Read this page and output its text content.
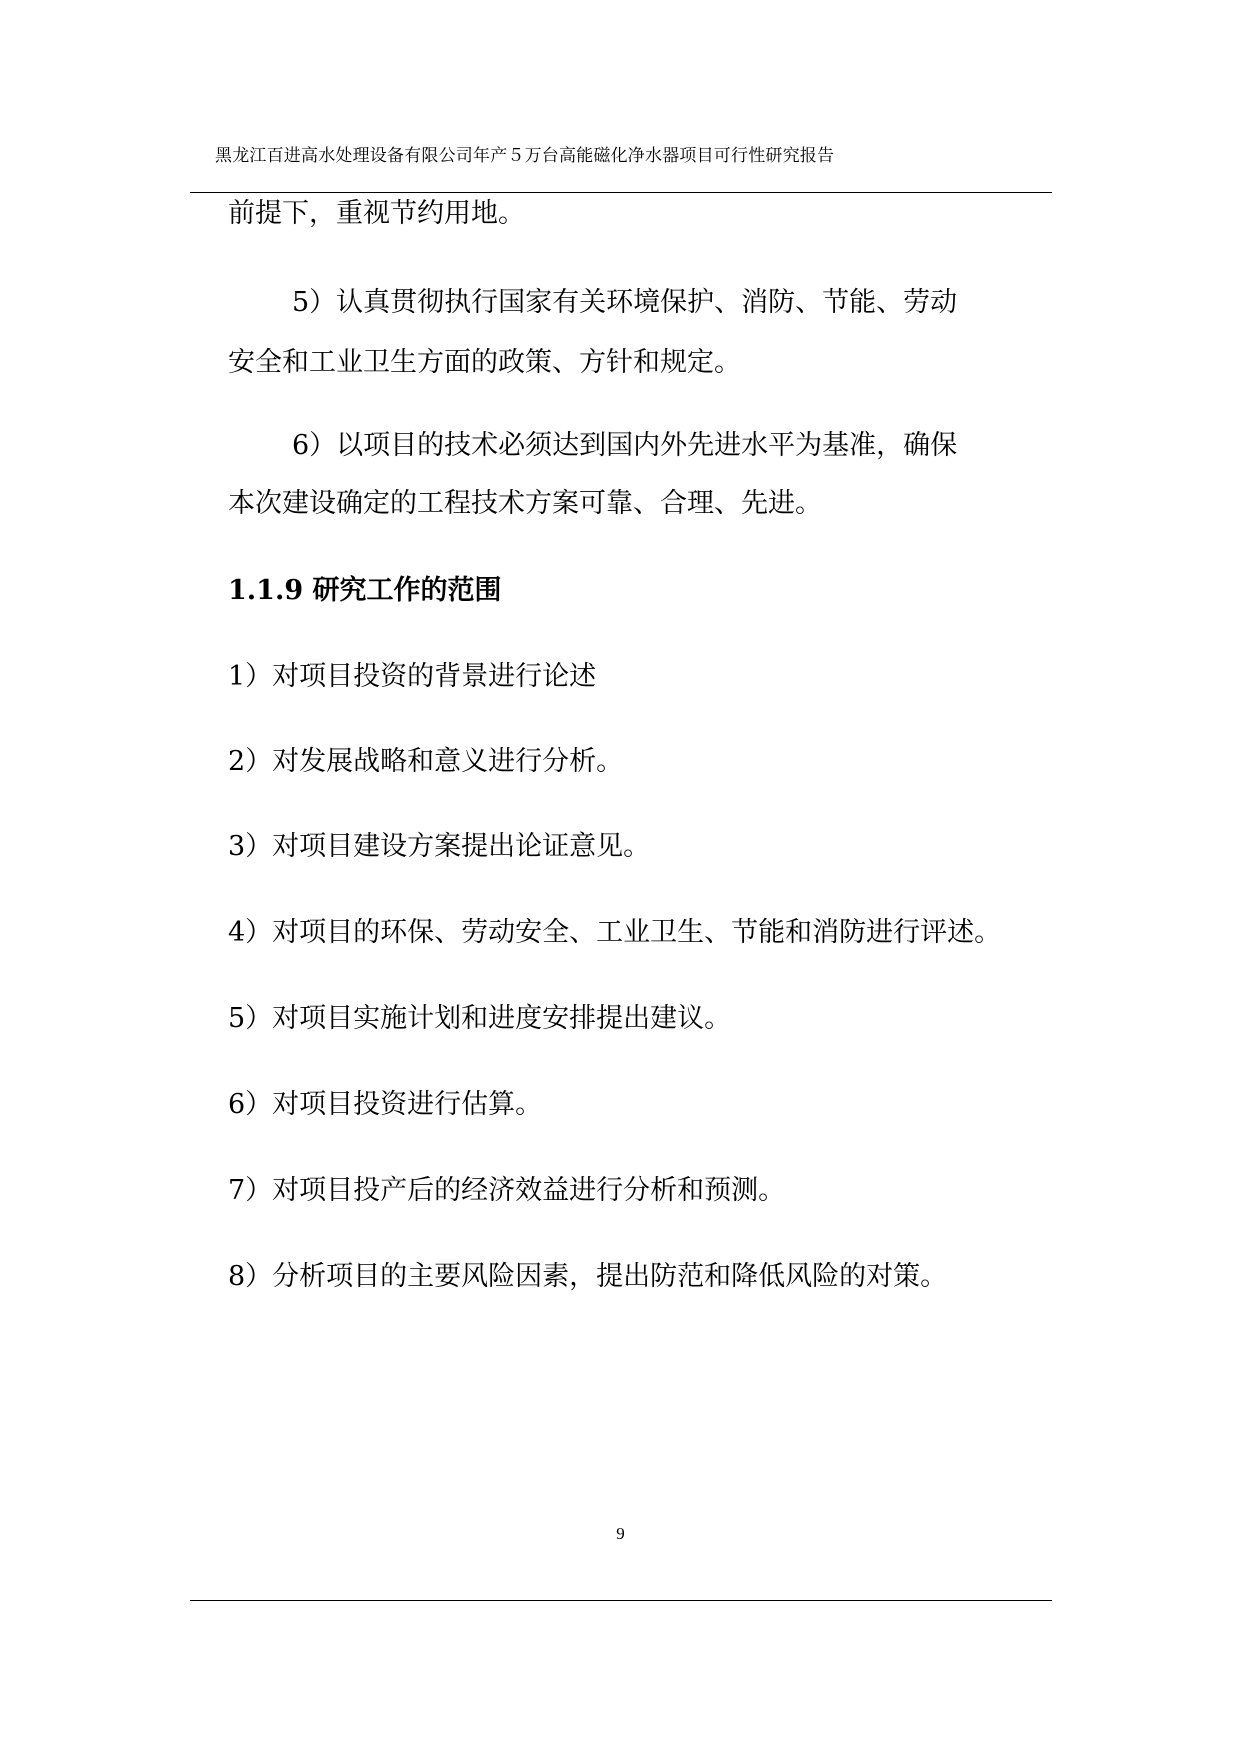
黑龙江百进高水处理设备有限公司年产５万台高能磁化净水器项目可行性研究报告
前提下，重视节约用地。
5）认真贯彻执行国家有关环境保护、消防、节能、劳动
安全和工业卫生方面的政策、方针和规定。
6）以项目的技术必须达到国内外先进水平为基准，确保
本次建设确定的工程技术方案可靠、合理、先进。
1.1.9 研究工作的范围
1）对项目投资的背景进行论述
2）对发展战略和意义进行分析。
3）对项目建设方案提出论证意见。
4）对项目的环保、劳动安全、工业卫生、节能和消防进行评述。
5）对项目实施计划和进度安排提出建议。
6）对项目投资进行估算。
7）对项目投产后的经济效益进行分析和预测。
8）分析项目的主要风险因素，提出防范和降低风险的对策。
9
